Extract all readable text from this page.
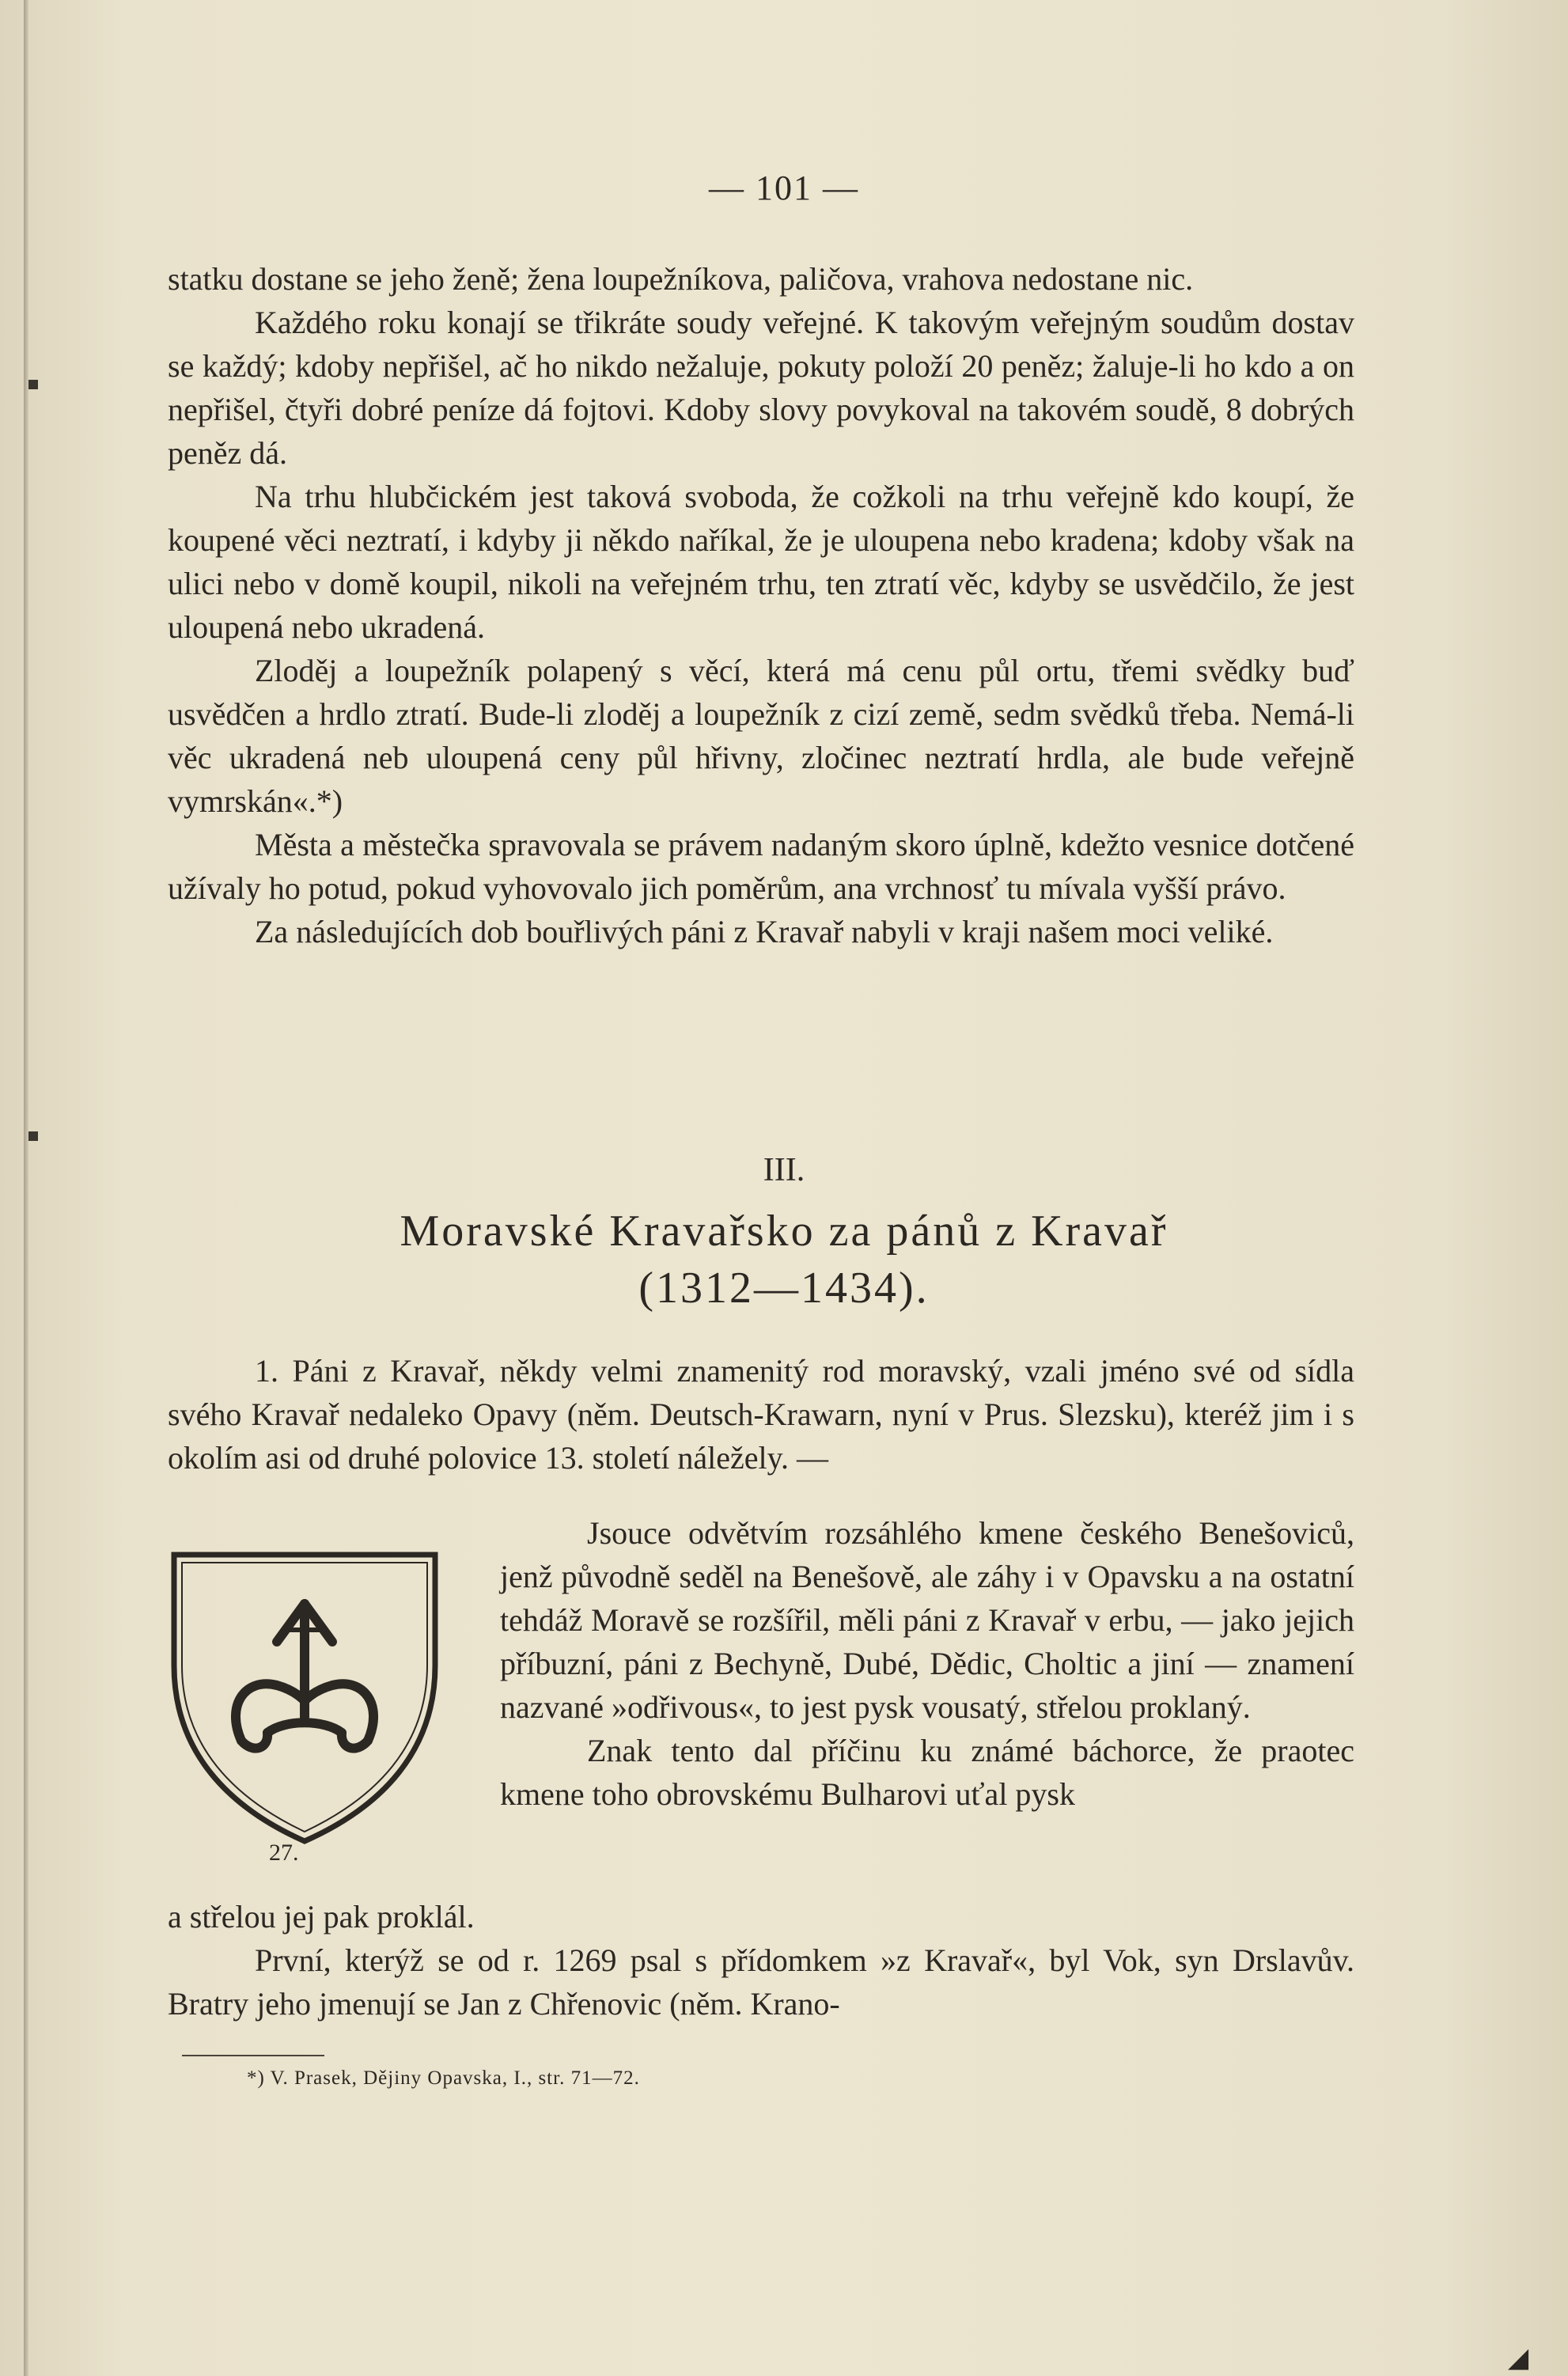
— 101 —

statku dostane se jeho ženě; žena loupežníkova, paličova, vrahova nedostane nic.

Každého roku konají se třikráte soudy veřejné. K takovým veřejným soudům dostav se každý; kdoby nepřišel, ač ho nikdo nežaluje, pokuty položí 20 peněz; žaluje-li ho kdo a on nepřišel, čtyři dobré peníze dá fojtovi. Kdoby slovy povykoval na takovém soudě, 8 dobrých peněz dá.

Na trhu hlubčickém jest taková svoboda, že cožkoli na trhu veřejně kdo koupí, že koupené věci neztratí, i kdyby ji někdo naříkal, že je uloupena nebo kradena; kdoby však na ulici nebo v domě koupil, nikoli na veřejném trhu, ten ztratí věc, kdyby se usvědčilo, že jest uloupená nebo ukradená.

Zloděj a loupežník polapený s věcí, která má cenu půl ortu, třemi svědky buď usvědčen a hrdlo ztratí. Bude-li zloděj a loupežník z cizí země, sedm svědků třeba. Nemá-li věc ukradená neb uloupená ceny půl hřivny, zločinec neztratí hrdla, ale bude veřejně vymrskán«.*)

Města a městečka spravovala se právem nadaným skoro úplně, kdežto vesnice dotčené užívaly ho potud, pokud vyhovovalo jich poměrům, ana vrchnosť tu mívala vyšší právo.

Za následujících dob bouřlivých páni z Kravař nabyli v kraji našem moci veliké.

III.
Moravské Kravařsko za pánů z Kravař
(1312—1434).

1. Páni z Kravař, někdy velmi znamenitý rod moravský, vzali jméno své od sídla svého Kravař nedaleko Opavy (něm. Deutsch-Krawarn, nyní v Prus. Slezsku), kteréž jim i s okolím asi od druhé polovice 13. století náležely. —

27.

Jsouce odvětvím rozsáhlého kmene českého Benešoviců, jenž původně seděl na Benešově, ale záhy i v Opavsku a na ostatní tehdáž Moravě se rozšířil, měli páni z Kravař v erbu, — jako jejich příbuzní, páni z Bechyně, Dubé, Dědic, Choltic a jiní — znamení nazvané »odřivous«, to jest pysk vousatý, střelou proklaný.

Znak tento dal příčinu ku známé báchorce, že praotec kmene toho obrovskému Bulharovi uťal pysk

a střelou jej pak proklál.

První, kterýž se od r. 1269 psal s přídomkem »z Kravař«, byl Vok, syn Drslavův. Bratry jeho jmenují se Jan z Chřenovic (něm. Krano-

*) V. Prasek, Dějiny Opavska, I., str. 71—72.
◢
